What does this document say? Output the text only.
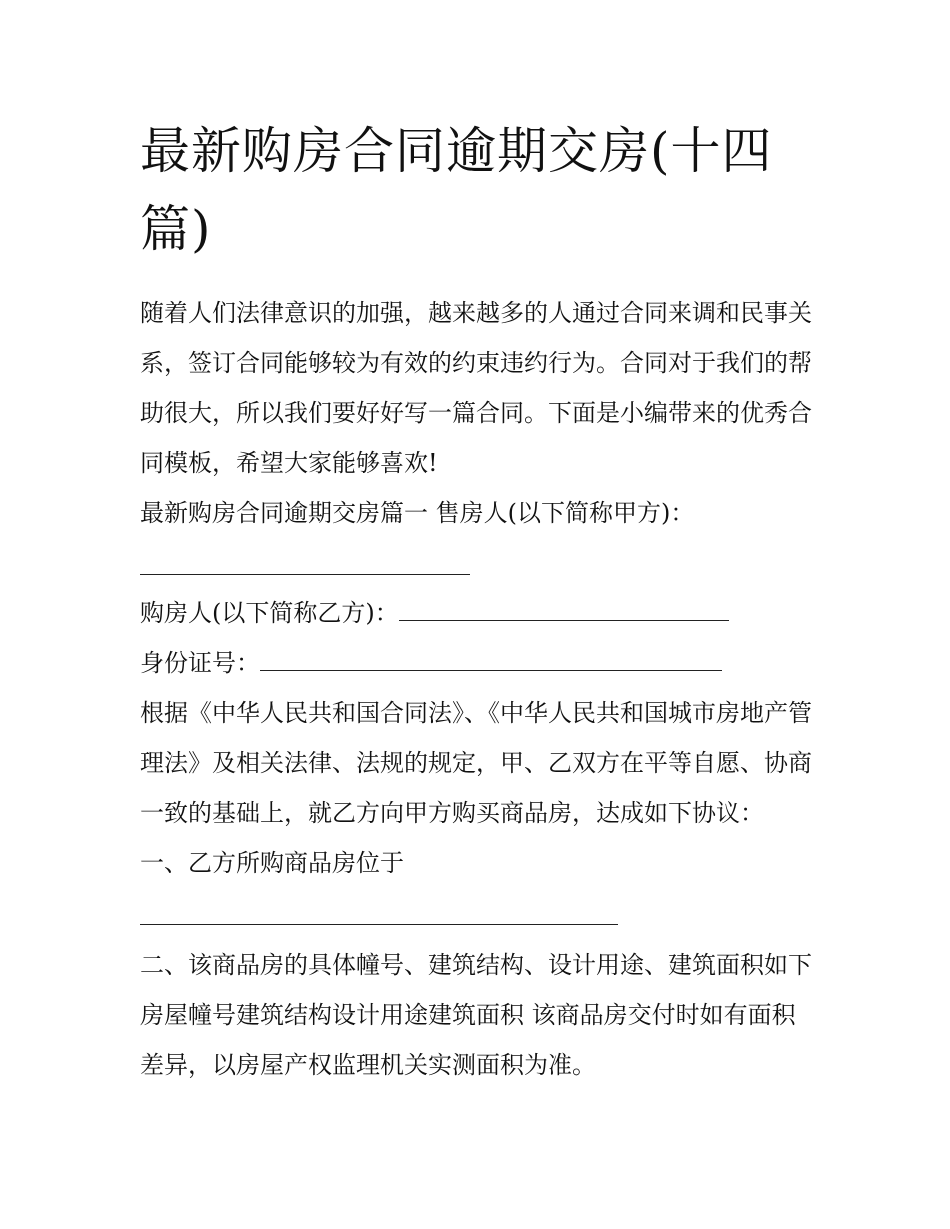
最新购房合同逾期交房(十四篇)

随着人们法律意识的加强，越来越多的人通过合同来调和民事关系，签订合同能够较为有效的约束违约行为。合同对于我们的帮助很大，所以我们要好好写一篇合同。下面是小编带来的优秀合同模板，希望大家能够喜欢!

最新购房合同逾期交房篇一 售房人(以下简称甲方)：

购房人(以下简称乙方)：

身份证号：

根据《中华人民共和国合同法》、《中华人民共和国城市房地产管理法》及相关法律、法规的规定，甲、乙双方在平等自愿、协商一致的基础上，就乙方向甲方购买商品房，达成如下协议：

一、乙方所购商品房位于

二、该商品房的具体幢号、建筑结构、设计用途、建筑面积如下 房屋幢号建筑结构设计用途建筑面积 该商品房交付时如有面积差异，以房屋产权监理机关实测面积为准。
